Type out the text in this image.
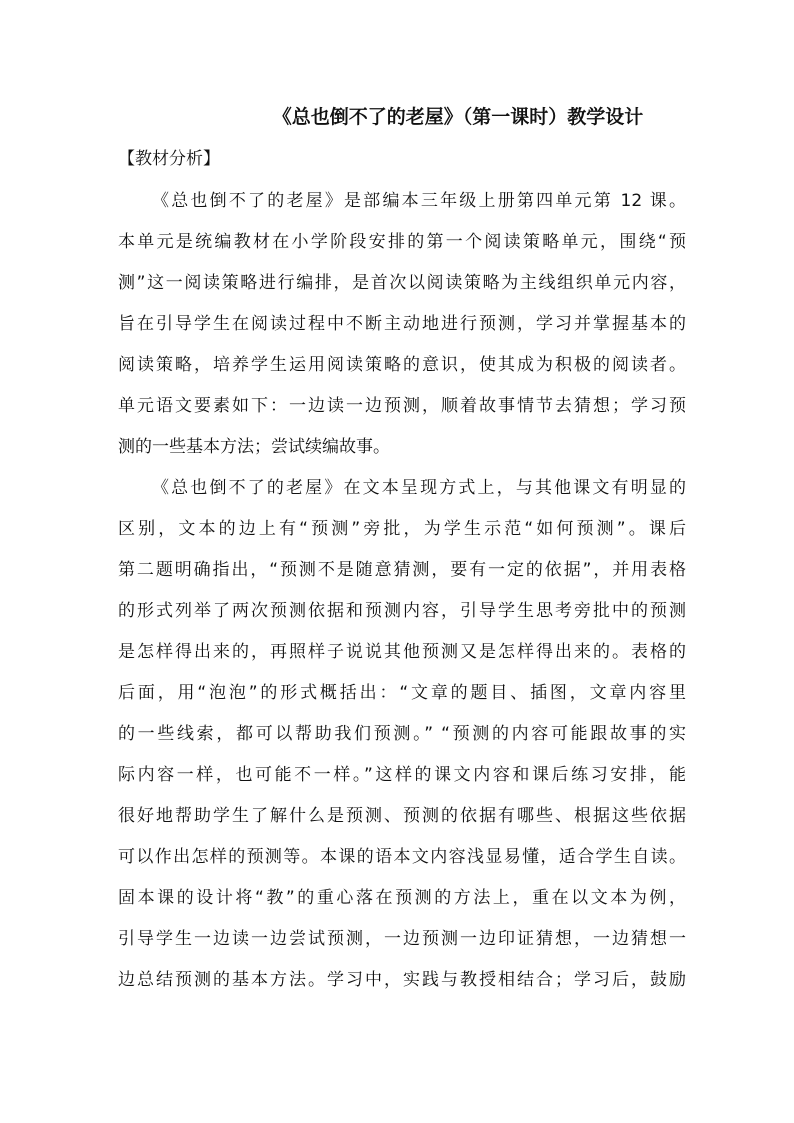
《总也倒不了的老屋》（第一课时）教学设计
【教材分析】
《总也倒不了的老屋》是部编本三年级上册第四单元第 12 课。
本单元是统编教材在小学阶段安排的第一个阅读策略单元，围绕“预
测”这一阅读策略进行编排，是首次以阅读策略为主线组织单元内容，
旨在引导学生在阅读过程中不断主动地进行预测，学习并掌握基本的
阅读策略，培养学生运用阅读策略的意识，使其成为积极的阅读者。
单元语文要素如下：一边读一边预测，顺着故事情节去猜想；学习预
测的一些基本方法；尝试续编故事。
《总也倒不了的老屋》在文本呈现方式上，与其他课文有明显的
区别，文本的边上有“预测”旁批，为学生示范“如何预测”。课后
第二题明确指出，“预测不是随意猜测，要有一定的依据”，并用表格
的形式列举了两次预测依据和预测内容，引导学生思考旁批中的预测
是怎样得出来的，再照样子说说其他预测又是怎样得出来的。表格的
后面，用“泡泡”的形式概括出：“文章的题目、插图，文章内容里
的一些线索，都可以帮助我们预测。” “预测的内容可能跟故事的实
际内容一样，也可能不一样。”这样的课文内容和课后练习安排，能
很好地帮助学生了解什么是预测、预测的依据有哪些、根据这些依据
可以作出怎样的预测等。本课的语本文内容浅显易懂，适合学生自读。
固本课的设计将“教”的重心落在预测的方法上，重在以文本为例，
引导学生一边读一边尝试预测，一边预测一边印证猜想，一边猜想一
边总结预测的基本方法。学习中，实践与教授相结合；学习后，鼓励
